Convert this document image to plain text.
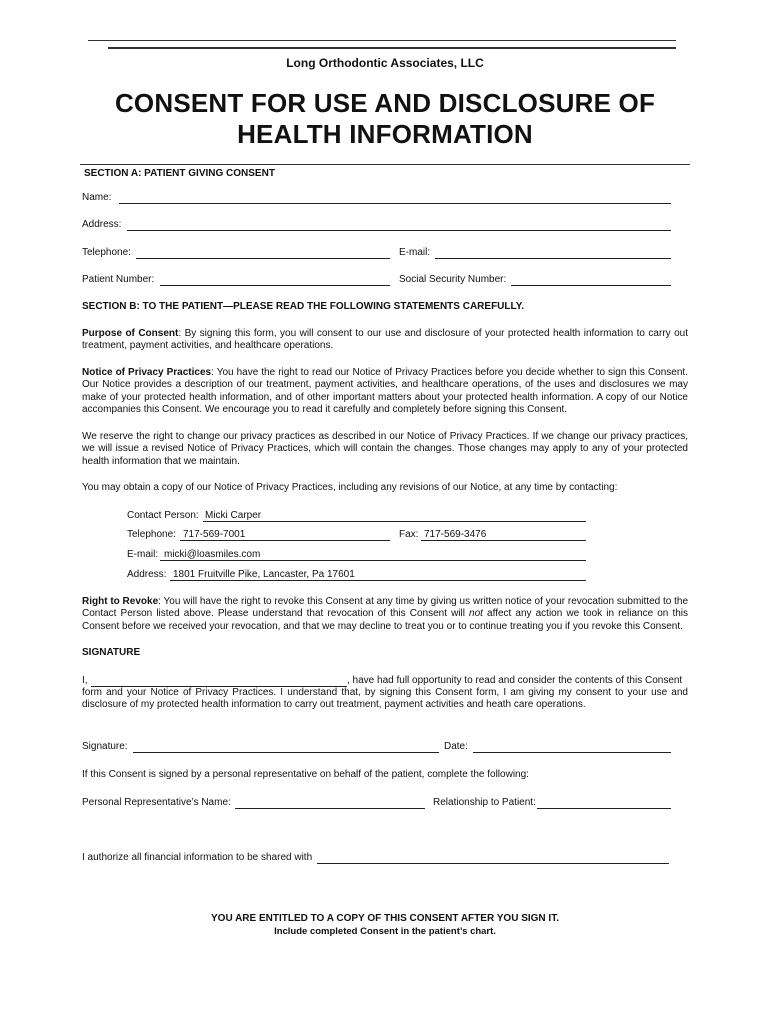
Long Orthodontic Associates, LLC
CONSENT FOR USE AND DISCLOSURE OF
HEALTH INFORMATION
SECTION A: PATIENT GIVING CONSENT
Name:
Address:
Telephone:	E-mail:
Patient Number:	Social Security Number:
SECTION B: TO THE PATIENT—PLEASE READ THE FOLLOWING STATEMENTS CAREFULLY.
Purpose of Consent: By signing this form, you will consent to our use and disclosure of your protected health information to carry out treatment, payment activities, and healthcare operations.
Notice of Privacy Practices: You have the right to read our Notice of Privacy Practices before you decide whether to sign this Consent. Our Notice provides a description of our treatment, payment activities, and healthcare operations, of the uses and disclosures we may make of your protected health information, and of other important matters about your protected health information. A copy of our Notice accompanies this Consent. We encourage you to read it carefully and completely before signing this Consent.
We reserve the right to change our privacy practices as described in our Notice of Privacy Practices. If we change our privacy practices, we will issue a revised Notice of Privacy Practices, which will contain the changes. Those changes may apply to any of your protected health information that we maintain.
You may obtain a copy of our Notice of Privacy Practices, including any revisions of our Notice, at any time by contacting:
Contact Person: Micki Carper
Telephone: 717-569-7001	Fax: 717-569-3476
E-mail: micki@loasmiles.com
Address: 1801 Fruitville Pike, Lancaster, Pa 17601
Right to Revoke: You will have the right to revoke this Consent at any time by giving us written notice of your revocation submitted to the Contact Person listed above. Please understand that revocation of this Consent will not affect any action we took in reliance on this Consent before we received your revocation, and that we may decline to treat you or to continue treating you if you revoke this Consent.
SIGNATURE
I,	, have had full opportunity to read and consider the contents of this Consent
form and your Notice of Privacy Practices. I understand that, by signing this Consent form, I am giving my consent to your use and disclosure of my protected health information to carry out treatment, payment activities and heath care operations.
Signature:	Date:
If this Consent is signed by a personal representative on behalf of the patient, complete the following:
Personal Representative’s Name:	Relationship to Patient:
I authorize all financial information to be shared with
YOU ARE ENTITLED TO A COPY OF THIS CONSENT AFTER YOU SIGN IT.
Include completed Consent in the patient’s chart.
